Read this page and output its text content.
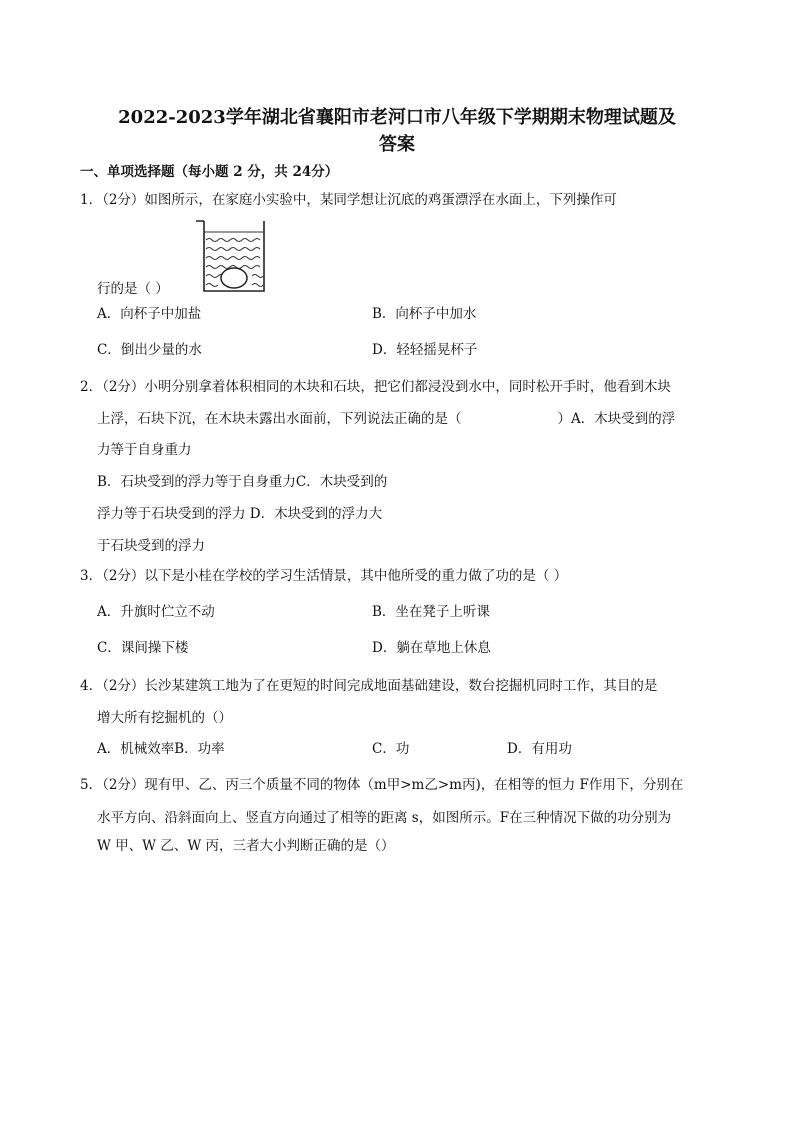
2022-2023学年湖北省襄阳市老河口市八年级下学期期末物理试题及
答案
一、单项选择题（每小题 2 分，共 24分）
1．（2分）如图所示，在家庭小实验中，某同学想让沉底的鸡蛋漂浮在水面上，下列操作可
行的是（ ）
A．向杯子中加盐	B．向杯子中加水
C．倒出少量的水	D．轻轻摇晃杯子
2．（2分）小明分别拿着体积相同的木块和石块，把它们都浸没到水中，同时松开手时，他看到木块
上浮，石块下沉，在木块未露出水面前，下列说法正确的是（	）A．木块受到的浮
力等于自身重力
B．石块受到的浮力等于自身重力C．木块受到的
浮力等于石块受到的浮力 D．木块受到的浮力大
于石块受到的浮力
3．（2分）以下是小桂在学校的学习生活情景，其中他所受的重力做了功的是（ ）
A．升旗时伫立不动	B．坐在凳子上听课
C．课间操下楼	D．躺在草地上休息
4．（2分）长沙某建筑工地为了在更短的时间完成地面基础建设，数台挖掘机同时工作，其目的是
增大所有挖掘机的（）
A．机械效率B．功率	C．功	D．有用功
5．（2分）现有甲、乙、丙三个质量不同的物体（m甲>m乙>m丙)，在相等的恒力 F作用下，分别在
水平方向、沿斜面向上、竖直方向通过了相等的距离 s，如图所示。F在三种情况下做的功分别为
W 甲、W 乙、W 丙，三者大小判断正确的是（）
